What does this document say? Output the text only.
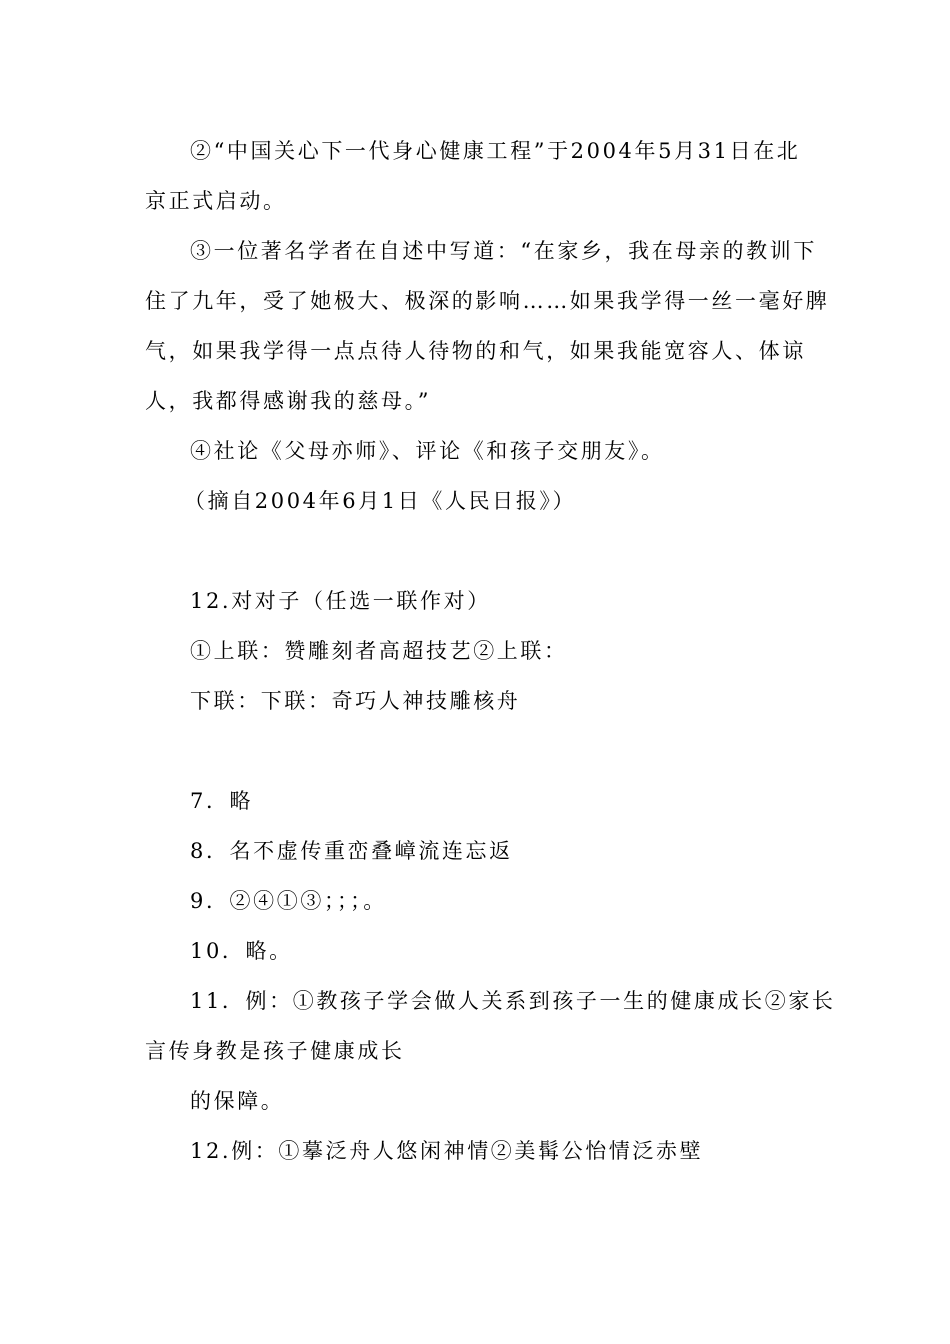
②“中国关心下一代身心健康工程”于2004年5月31日在北
京正式启动。
③一位著名学者在自述中写道：“在家乡，我在母亲的教训下
住了九年，受了她极大、极深的影响……如果我学得一丝一毫好脾
气，如果我学得一点点待人待物的和气，如果我能宽容人、体谅
人，我都得感谢我的慈母。”
④社论《父母亦师》、评论《和孩子交朋友》。
（摘自2004年6月1日《人民日报》）
12.对对子（任选一联作对）
①上联：赞雕刻者高超技艺②上联：
下联：下联：奇巧人神技雕核舟
7．略
8．名不虚传重峦叠嶂流连忘返
9．②④①③；；；。
10．略。
11．例：①教孩子学会做人关系到孩子一生的健康成长②家长
言传身教是孩子健康成长
的保障。
12.例：①摹泛舟人悠闲神情②美髯公怡情泛赤壁
